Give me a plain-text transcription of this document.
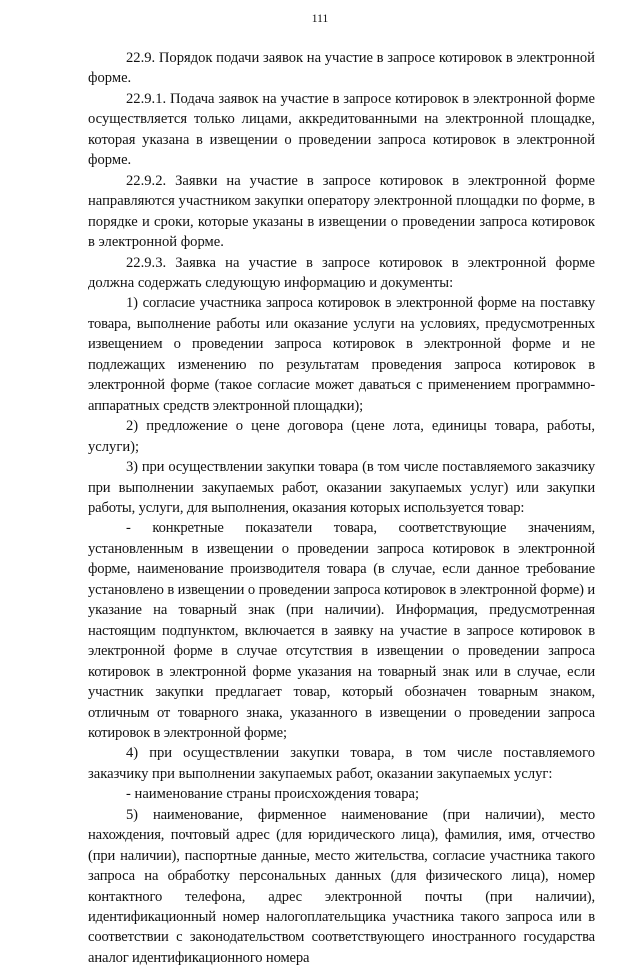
111

22.9. Порядок подачи заявок на участие в запросе котировок в электронной форме.

22.9.1. Подача заявок на участие в запросе котировок в электронной форме осуществляется только лицами, аккредитованными на электронной площадке, которая указана в извещении о проведении запроса котировок в электронной форме.

22.9.2. Заявки на участие в запросе котировок в электронной форме направляются участником закупки оператору электронной площадки по форме, в порядке и сроки, которые указаны в извещении о проведении запроса котировок в электронной форме.

22.9.3. Заявка на участие в запросе котировок в электронной форме должна содержать следующую информацию и документы:

1) согласие участника запроса котировок в электронной форме на поставку товара, выполнение работы или оказание услуги на условиях, предусмотренных извещением о проведении запроса котировок в электронной форме и не подлежащих изменению по результатам проведения запроса котировок в электронной форме (такое согласие может даваться с применением программно-аппаратных средств электронной площадки);

2) предложение о цене договора (цене лота, единицы товара, работы, услуги);

3) при осуществлении закупки товара (в том числе поставляемого заказчику при выполнении закупаемых работ, оказании закупаемых услуг) или закупки работы, услуги, для выполнения, оказания которых используется товар:

- конкретные показатели товара, соответствующие значениям, установленным в извещении о проведении запроса котировок в электронной форме, наименование производителя товара (в случае, если данное требование установлено в извещении о проведении запроса котировок в электронной форме) и указание на товарный знак (при наличии). Информация, предусмотренная настоящим подпунктом, включается в заявку на участие в запросе котировок в электронной форме в случае отсутствия в извещении о проведении запроса котировок в электронной форме указания на товарный знак или в случае, если участник закупки предлагает товар, который обозначен товарным знаком, отличным от товарного знака, указанного в извещении о проведении запроса котировок в электронной форме;

4) при осуществлении закупки товара, в том числе поставляемого заказчику при выполнении закупаемых работ, оказании закупаемых услуг:

- наименование страны происхождения товара;

5) наименование, фирменное наименование (при наличии), место нахождения, почтовый адрес (для юридического лица), фамилия, имя, отчество (при наличии), паспортные данные, место жительства, согласие участника такого запроса на обработку персональных данных (для физического лица), номер контактного телефона, адрес электронной почты (при наличии), идентификационный номер налогоплательщика участника такого запроса или в соответствии с законодательством соответствующего иностранного государства аналог идентификационного номера
